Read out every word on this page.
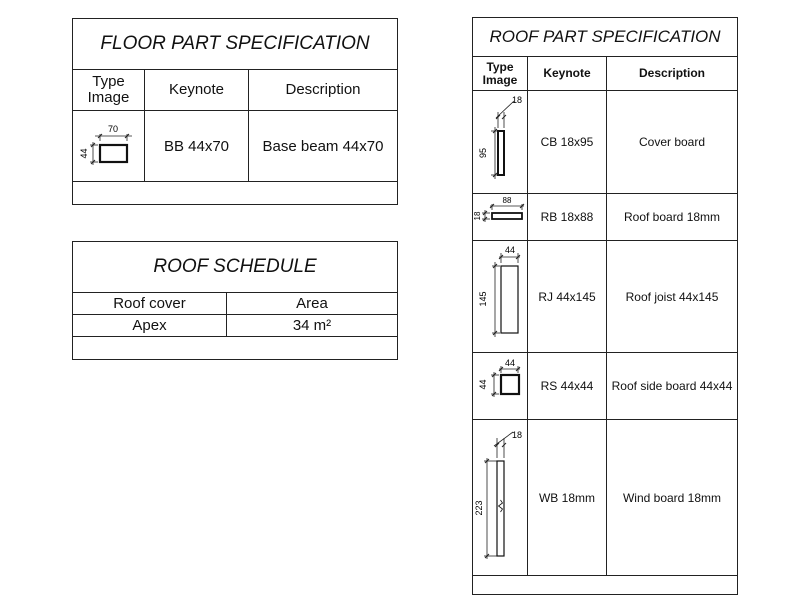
FLOOR PART SPECIFICATION		
Type Image	Keynote	Description

70
44	BB 44x70	Base beam 44x70

ROOF SCHEDULE	
Roof cover	Area
Apex	34 m²

ROOF PART SPECIFICATION		
Type Image	Keynote	Description

95
18	CB 18x95	Cover board

88
18	RB 18x88	Roof board 18mm

145
44	RJ 44x145	Roof joist 44x145

44
44	RS 44x44	Roof side board 44x44

18
223	WB 18mm	Wind board 18mm
